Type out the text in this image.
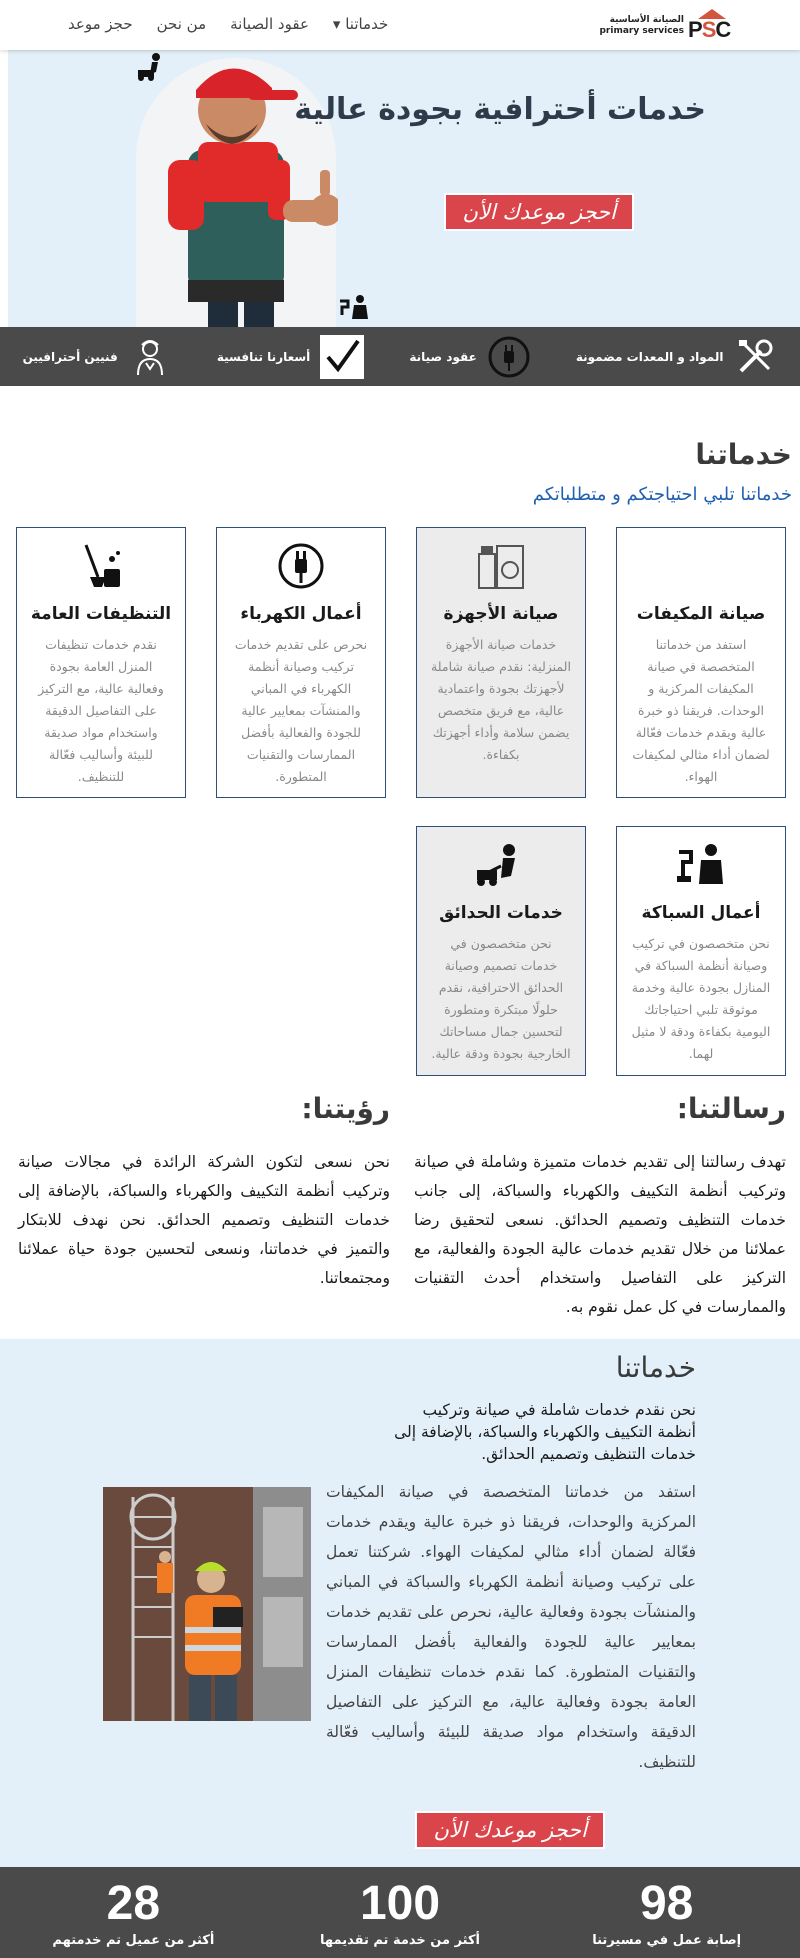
الصيانة الأساسية
primary services PSC
خدماتنا ▾
عقود الصيانة
من نحن
حجز موعد
خدمات أحترافية بجودة عالية
أحجز موعدك الأن
المواد و المعدات مضمونة
عقود صيانة
أسعارنا تنافسية
فنيين أحترافيين
خدماتنا

خدماتنا تلبي احتياجتكم و متطلباتكم

صيانة المكيفات

استفد من خدماتنا المتخصصة في صيانة المكيفات المركزية و الوحدات. فريقنا ذو خبرة عالية ويقدم خدمات فعّالة لضمان أداء مثالي لمكيفات الهواء.

صيانة الأجهزة

خدمات صيانة الأجهزة المنزلية: نقدم صيانة شاملة لأجهزتك بجودة واعتمادية عالية، مع فريق متخصص يضمن سلامة وأداء أجهزتك بكفاءة.

أعمال الكهرباء

نحرص على تقديم خدمات تركيب وصيانة أنظمة الكهرباء في المباني والمنشآت بمعايير عالية للجودة والفعالية بأفضل الممارسات والتقنيات المتطورة.

التنظيفات العامة

نقدم خدمات تنظيفات المنزل العامة بجودة وفعالية عالية، مع التركيز على التفاصيل الدقيقة واستخدام مواد صديقة للبيئة وأساليب فعّالة للتنظيف.

أعمال السباكة

نحن متخصصون في تركيب وصيانة أنظمة السباكة في المنازل بجودة عالية وخدمة موثوقة تلبي احتياجاتك اليومية بكفاءة ودقة لا مثيل لهما.

خدمات الحدائق

نحن متخصصون في خدمات تصميم وصيانة الحدائق الاحترافية، نقدم حلولًا مبتكرة ومتطورة لتحسين جمال مساحاتك الخارجية بجودة ودقة عالية.

رسالتنا:

تهدف رسالتنا إلى تقديم خدمات متميزة وشاملة في صيانة وتركيب أنظمة التكييف والكهرباء والسباكة، إلى جانب خدمات التنظيف وتصميم الحدائق. نسعى لتحقيق رضا عملائنا من خلال تقديم خدمات عالية الجودة والفعالية، مع التركيز على التفاصيل واستخدام أحدث التقنيات والممارسات في كل عمل نقوم به.

رؤيتنا:

نحن نسعى لتكون الشركة الرائدة في مجالات صيانة وتركيب أنظمة التكييف والكهرباء والسباكة، بالإضافة إلى خدمات التنظيف وتصميم الحدائق. نحن نهدف للابتكار والتميز في خدماتنا، ونسعى لتحسين جودة حياة عملائنا ومجتمعاتنا.

خدماتنا

نحن نقدم خدمات شاملة في صيانة وتركيب أنظمة التكييف والكهرباء والسباكة، بالإضافة إلى خدمات التنظيف وتصميم الحدائق.

استفد من خدماتنا المتخصصة في صيانة المكيفات المركزية والوحدات، فريقنا ذو خبرة عالية ويقدم خدمات فعّالة لضمان أداء مثالي لمكيفات الهواء. شركتنا تعمل على تركيب وصيانة أنظمة الكهرباء والسباكة في المباني والمنشآت بجودة وفعالية عالية، نحرص على تقديم خدمات بمعايير عالية للجودة والفعالية بأفضل الممارسات والتقنيات المتطورة. كما نقدم خدمات تنظيفات المنزل العامة بجودة وفعالية عالية، مع التركيز على التفاصيل الدقيقة واستخدام مواد صديقة للبيئة وأساليب فعّالة للتنظيف.

أحجز موعدك الأن
98
إصابة عمل في مسيرتنا
100
أكثر من خدمة تم تقديمها
28
أكثر من عميل تم خدمتهم
